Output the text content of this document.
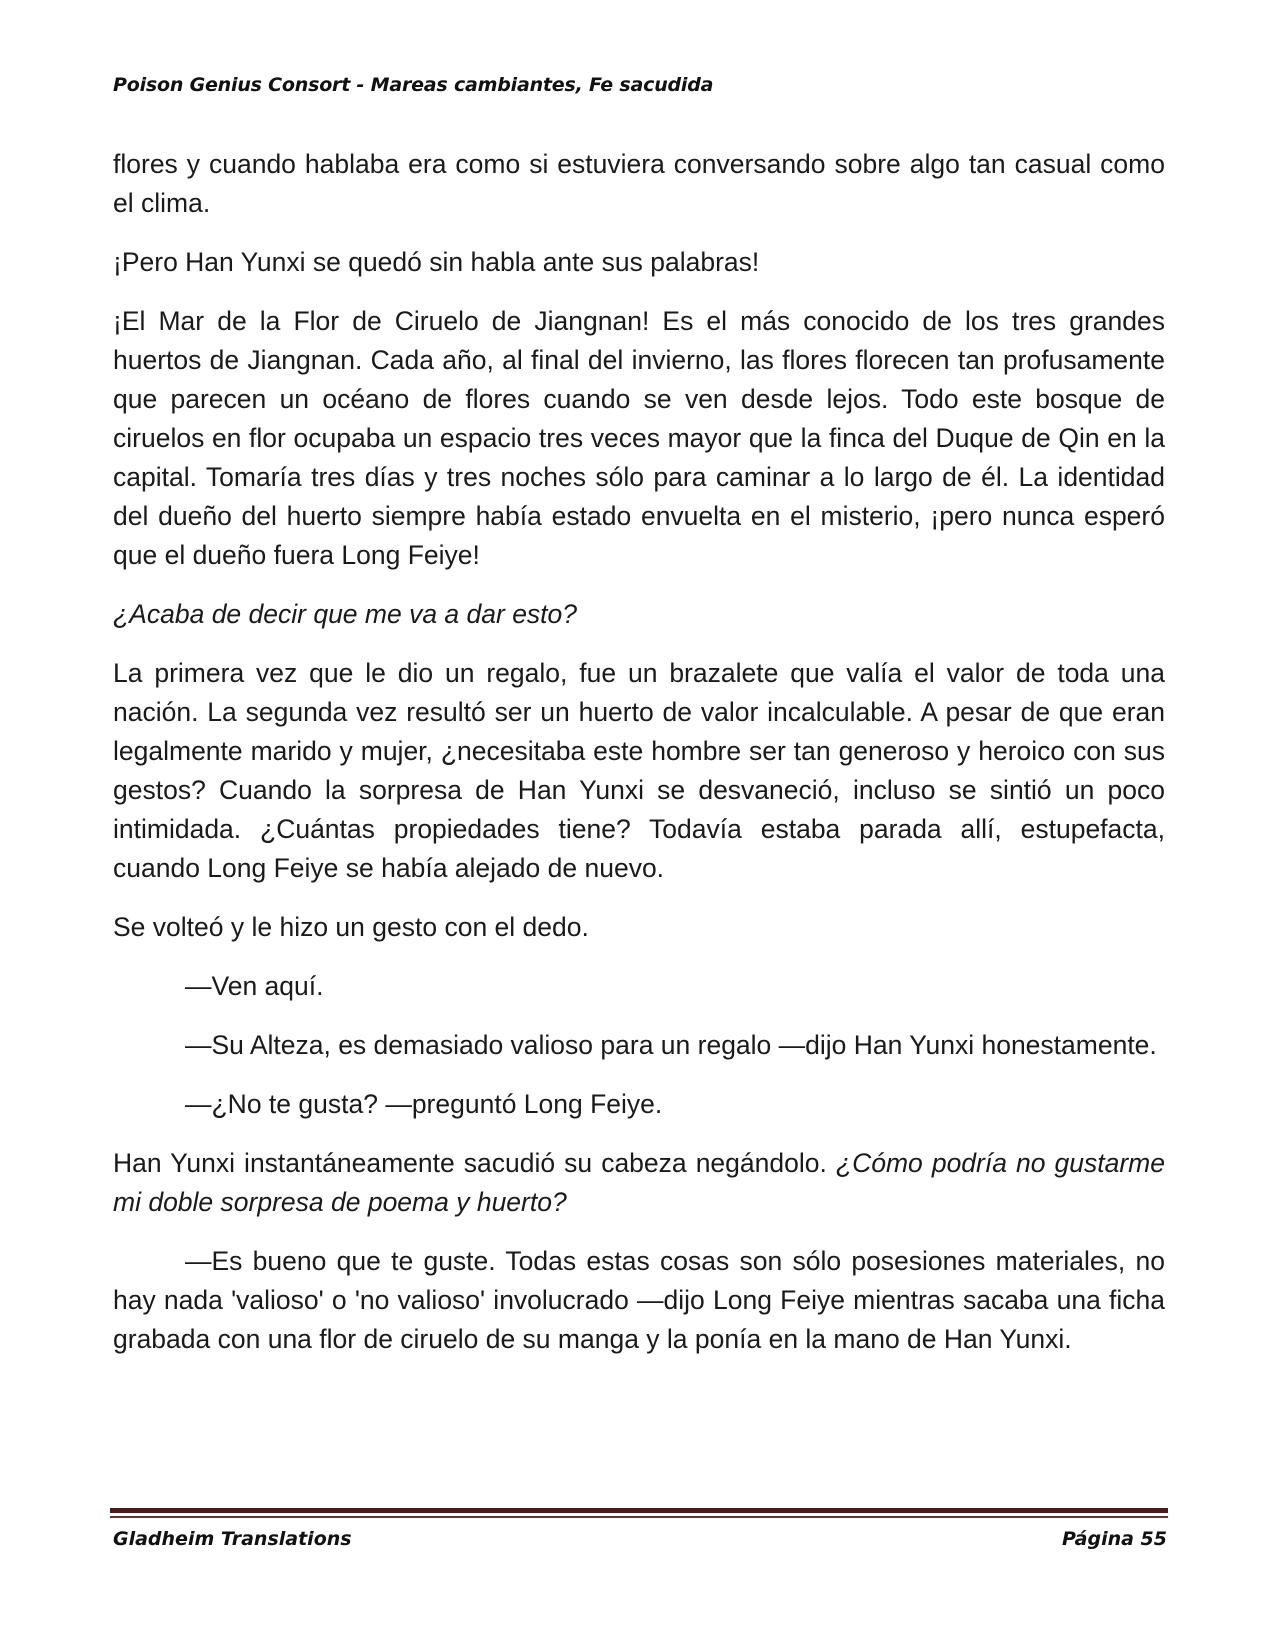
Poison Genius Consort - Mareas cambiantes, Fe sacudida

flores y cuando hablaba era como si estuviera conversando sobre algo tan casual como el clima.

¡Pero Han Yunxi se quedó sin habla ante sus palabras!

¡El Mar de la Flor de Ciruelo de Jiangnan! Es el más conocido de los tres grandes huertos de Jiangnan. Cada año, al final del invierno, las flores florecen tan profusamente que parecen un océano de flores cuando se ven desde lejos. Todo este bosque de ciruelos en flor ocupaba un espacio tres veces mayor que la finca del Duque de Qin en la capital. Tomaría tres días y tres noches sólo para caminar a lo largo de él. La identidad del dueño del huerto siempre había estado envuelta en el misterio, ¡pero nunca esperó que el dueño fuera Long Feiye!

¿Acaba de decir que me va a dar esto?

La primera vez que le dio un regalo, fue un brazalete que valía el valor de toda una nación. La segunda vez resultó ser un huerto de valor incalculable. A pesar de que eran legalmente marido y mujer, ¿necesitaba este hombre ser tan generoso y heroico con sus gestos? Cuando la sorpresa de Han Yunxi se desvaneció, incluso se sintió un poco intimidada. ¿Cuántas propiedades tiene? Todavía estaba parada allí, estupefacta, cuando Long Feiye se había alejado de nuevo.

Se volteó y le hizo un gesto con el dedo.

—Ven aquí.

—Su Alteza, es demasiado valioso para un regalo —dijo Han Yunxi honestamente.

—¿No te gusta? —preguntó Long Feiye.

Han Yunxi instantáneamente sacudió su cabeza negándolo. ¿Cómo podría no gustarme mi doble sorpresa de poema y huerto?

—Es bueno que te guste. Todas estas cosas son sólo posesiones materiales, no hay nada 'valioso' o 'no valioso' involucrado —dijo Long Feiye mientras sacaba una ficha grabada con una flor de ciruelo de su manga y la ponía en la mano de Han Yunxi.

Gladheim Translations	Página 55
